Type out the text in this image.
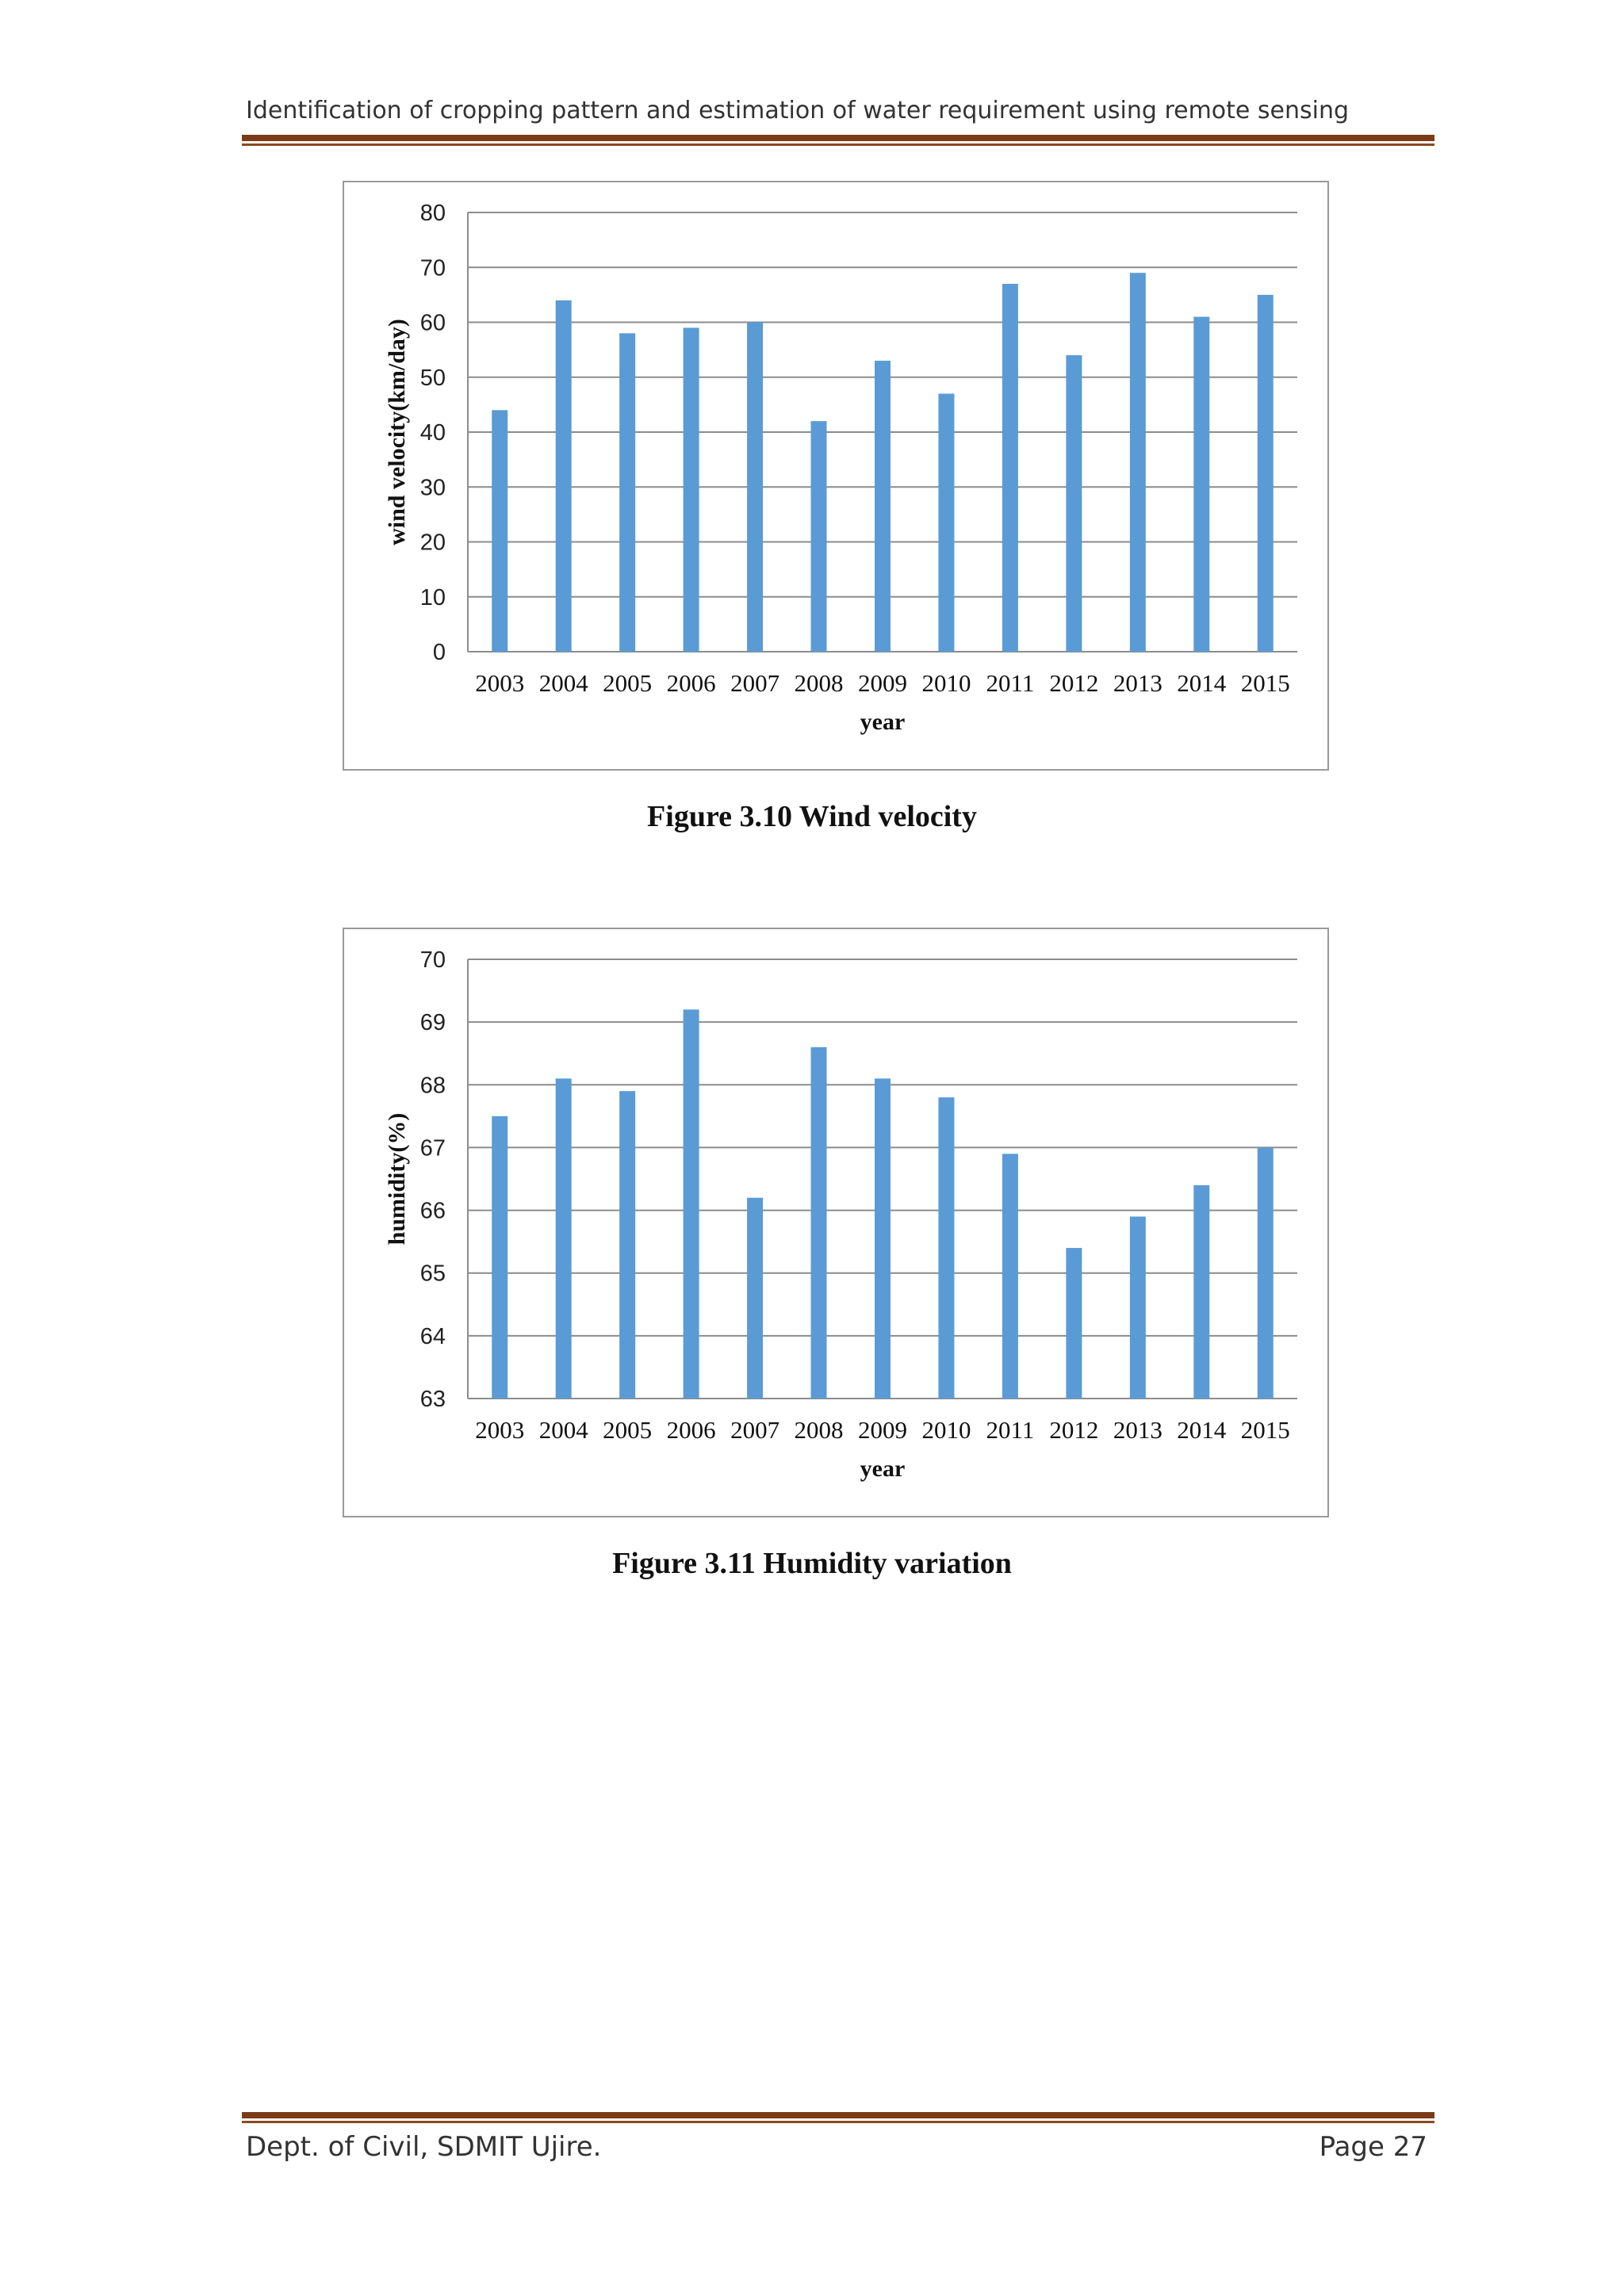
Identification of cropping pattern and estimation of water requirement using remote sensing
0
10
20
30
40
50
60
70
80
2003 2004 2005 2006 2007 2008 2009 2010 2011 2012 2013 2014 2015
year
wind velocity(km/day)
Figure 3.10 Wind velocity
63
64
65
66
67
68
69
70
2003 2004 2005 2006 2007 2008 2009 2010 2011 2012 2013 2014 2015
year
humidity(%)
Figure 3.11 Humidity variation
Dept. of Civil, SDMIT Ujire.	Page 27
